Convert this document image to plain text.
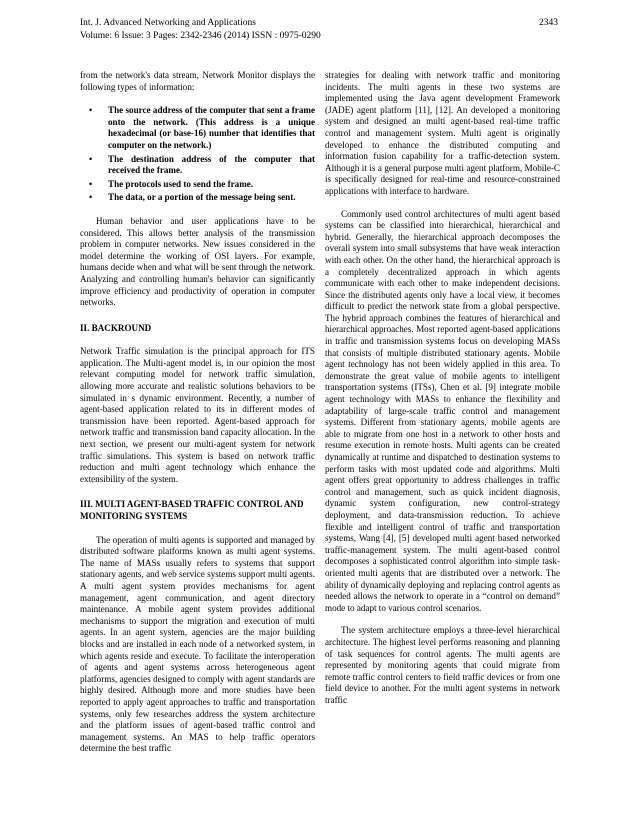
Int. J. Advanced Networking and Applications
Volume: 6 Issue: 3 Pages: 2342-2346 (2014) ISSN : 0975-0290
2343

from the network's data stream, Network Monitor displays the following types of information:

• The source address of the computer that sent a frame onto the network. (This address is a unique hexadecimal (or base-16) number that identifies that computer on the network.)
• The destination address of the computer that received the frame.
• The protocols used to send the frame.
• The data, or a portion of the message being sent.

Human behavior and user applications have to be considered. This allows better analysis of the transmission problem in computer networks. New issues considered in the model determine the working of OSI layers. For example, humans decide when and what will be sent through the network. Analyzing and controlling human's behavior can significantly improve efficiency and productivity of operation in computer networks.

II. BACKROUND

Network Traffic simulation is the principal approach for ITS application. The Multi-agent model is, in our opinion the most relevant computing model for network traffic simulation, allowing more accurate and realistic solutions behaviors to be simulated in s dynamic environment. Recently, a number of agent-based application related to its in different modes of transmission have been reported. Agent-based approach for network traffic and transmission band capacity allocation. In the next section, we present our multi-agent system for network traffic simulations. This system is based on network traffic reduction and multi agent technology which enhance the extensibility of the system.

III. MULTI AGENT-BASED TRAFFIC CONTROL AND MONITORING SYSTEMS

The operation of multi agents is supported and managed by distributed software platforms known as multi agent systems. The name of MASs usually refers to systems that support stationary agents, and web service systems support multi agents. A multi agent system provides mechanisms for agent management, agent communication, and agent directory maintenance. A mobile agent system provides additional mechanisms to support the migration and execution of multi agents. In an agent system, agencies are the major building blocks and are installed in each node of a networked system, in which agents reside and execute. To facilitate the interoperation of agents and agent systems across heterogeneous agent platforms, agencies designed to comply with agent standards are highly desired. Although more and more studies have been reported to apply agent approaches to traffic and transportation systems, only few researches address the system architecture and the platform issues of agent-based traffic control and management systems. An MAS to help traffic operators determine the best traffic

strategies for dealing with network traffic and monitoring incidents. The multi agents in these two systems are implemented using the Java agent development Framework (JADE) agent platform [11], [12]. An developed a monitoring system and designed an multi agent-based real-time traffic control and management system. Multi agent is originally developed to enhance the distributed computing and information fusion capability for a traffic-detection system. Although it is a general purpose multi agent platform, Mobile-C is specifically designed for real-time and resource-constrained applications with interface to hardware.

Commonly used control architectures of multi agent based systems can be classified into hierarchical, hierarchical and hybrid. Generally, the hierarchical approach decomposes the overall system into small subsystems that have weak interaction with each other. On the other hand, the hierarchical approach is a completely decentralized approach in which agents communicate with each other to make independent decisions. Since the distributed agents only have a local view, it becomes difficult to predict the network state from a global perspective. The hybrid approach combines the features of hierarchical and hierarchical approaches. Most reported agent-based applications in traffic and transmission systems focus on developing MASs that consists of multiple distributed stationary agents. Mobile agent technology has not been widely applied in this area. To demonstrate the great value of mobile agents to intelligent transportation systems (ITSs), Chen et al. [9] integrate mobile agent technology with MASs to enhance the flexibility and adaptability of large-scale traffic control and management systems. Different from stationary agents, mobile agents are able to migrate from one host in a network to other hosts and resume execution in remote hosts. Multi agents can be created dynamically at runtime and dispatched to destination systems to perform tasks with most updated code and algorithms. Multi agent offers great opportunity to address challenges in traffic control and management, such as quick incident diagnosis, dynamic system configuration, new control-strategy deployment, and data-transmission reduction. To achieve flexible and intelligent control of traffic and transportation systems, Wang [4], [5] developed multi agent based networked traffic-management system. The multi agent-based control decomposes a sophisticated control algorithm into simple task-oriented multi agents that are distributed over a network. The ability of dynamically deploying and replacing control agents as needed allows the network to operate in a “control on demand” mode to adapt to various control scenarios.

The system architecture employs a three-level hierarchical architecture. The highest level performs reasoning and planning of task sequences for control agents. The multi agents are represented by monitoring agents that could migrate from remote traffic control centers to field traffic devices or from one field device to another. For the multi agent systems in network traffic
